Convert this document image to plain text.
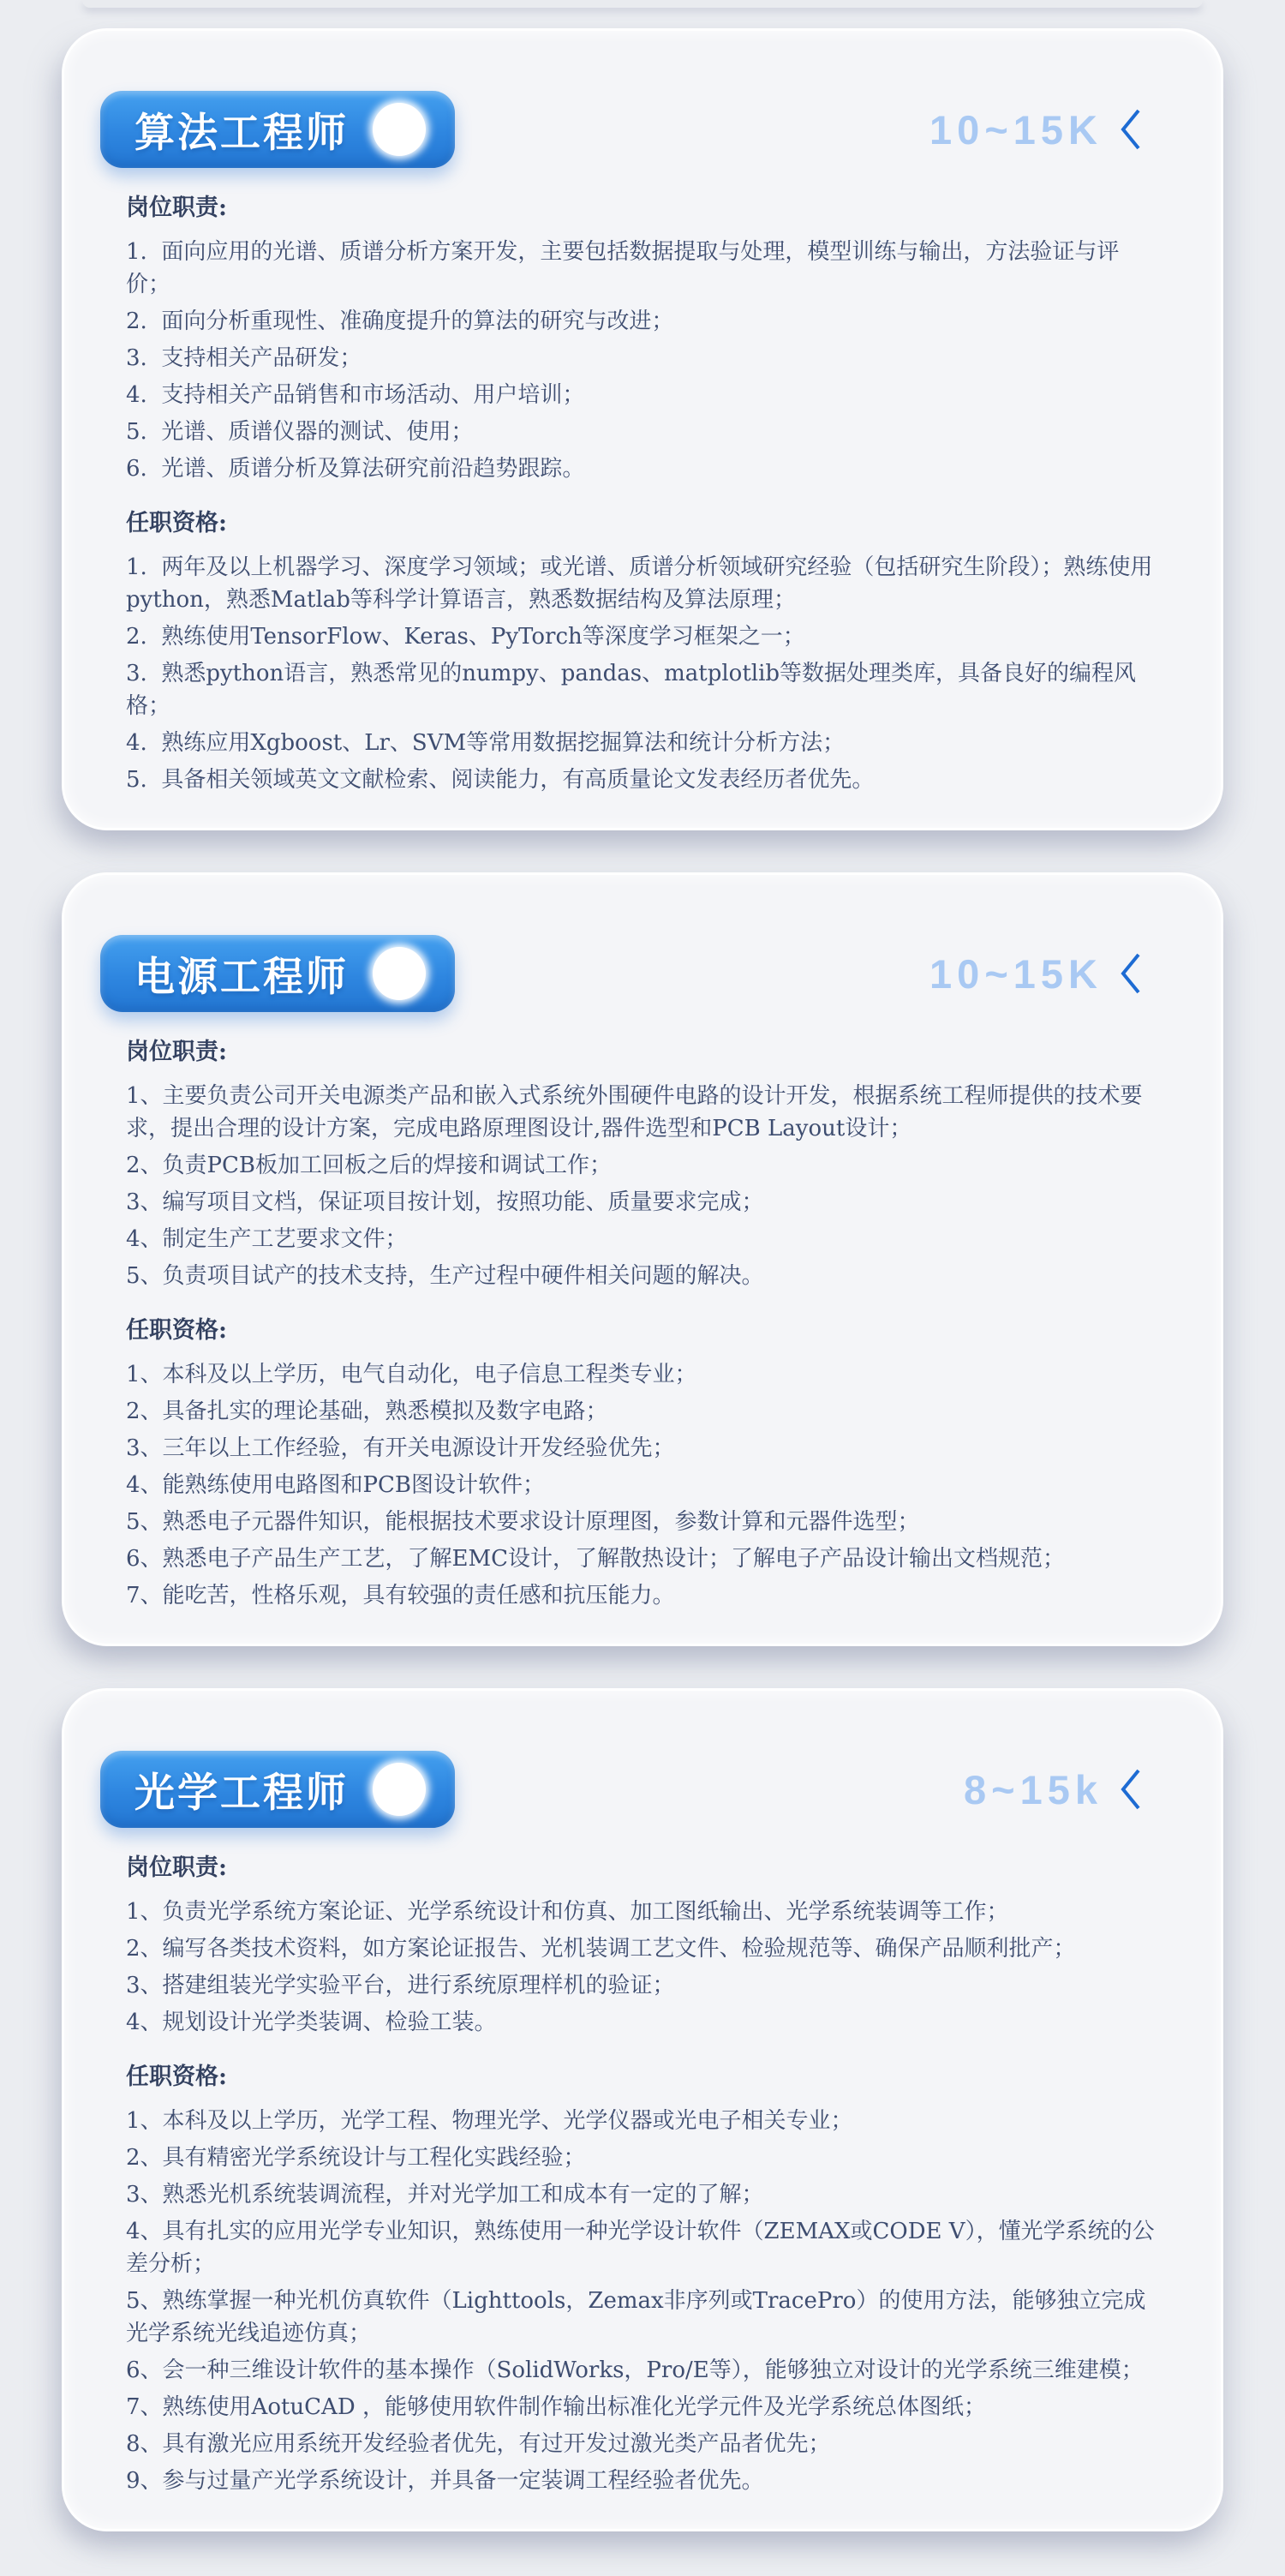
算法工程师	10~15K

岗位职责:

1.  面向应用的光谱、质谱分析方案开发，主要包括数据提取与处理，模型训练与输出，方法验证与评价；

2.  面向分析重现性、准确度提升的算法的研究与改进；

3.  支持相关产品研发；

4.  支持相关产品销售和市场活动、用户培训；

5.  光谱、质谱仪器的测试、使用；

6.  光谱、质谱分析及算法研究前沿趋势跟踪。

任职资格:

1.  两年及以上机器学习、深度学习领域；或光谱、质谱分析领域研究经验（包括研究生阶段）；熟练使用python，熟悉Matlab等科学计算语言，熟悉数据结构及算法原理；

2.  熟练使用TensorFlow、Keras、PyTorch等深度学习框架之一；

3.  熟悉python语言，熟悉常见的numpy、pandas、matplotlib等数据处理类库，具备良好的编程风格；

4.  熟练应用Xgboost、Lr、SVM等常用数据挖掘算法和统计分析方法；

5.  具备相关领域英文文献检索、阅读能力，有高质量论文发表经历者优先。

电源工程师	10~15K

岗位职责:

1、主要负责公司开关电源类产品和嵌入式系统外围硬件电路的设计开发，根据系统工程师提供的技术要求，提出合理的设计方案，完成电路原理图设计,器件选型和PCB Layout设计；

2、负责PCB板加工回板之后的焊接和调试工作；

3、编写项目文档，保证项目按计划，按照功能、质量要求完成；

4、制定生产工艺要求文件；

5、负责项目试产的技术支持，生产过程中硬件相关问题的解决。

任职资格:

1、本科及以上学历，电气自动化，电子信息工程类专业；

2、具备扎实的理论基础，熟悉模拟及数字电路；

3、三年以上工作经验，有开关电源设计开发经验优先；

4、能熟练使用电路图和PCB图设计软件；

5、熟悉电子元器件知识，能根据技术要求设计原理图，参数计算和元器件选型；

6、熟悉电子产品生产工艺，了解EMC设计，了解散热设计；了解电子产品设计输出文档规范；

7、能吃苦，性格乐观，具有较强的责任感和抗压能力。

光学工程师	8~15k

岗位职责:

1、负责光学系统方案论证、光学系统设计和仿真、加工图纸输出、光学系统装调等工作；

2、编写各类技术资料，如方案论证报告、光机装调工艺文件、检验规范等、确保产品顺利批产；

3、搭建组装光学实验平台，进行系统原理样机的验证；

4、规划设计光学类装调、检验工装。

任职资格:

1、本科及以上学历，光学工程、物理光学、光学仪器或光电子相关专业；

2、具有精密光学系统设计与工程化实践经验；

3、熟悉光机系统装调流程，并对光学加工和成本有一定的了解；

4、具有扎实的应用光学专业知识，熟练使用一种光学设计软件（ZEMAX或CODE V），懂光学系统的公差分析；

5、熟练掌握一种光机仿真软件（Lighttools，Zemax非序列或TracePro）的使用方法，能够独立完成光学系统光线追迹仿真；

6、会一种三维设计软件的基本操作（SolidWorks，Pro/E等），能够独立对设计的光学系统三维建模；

7、熟练使用AotuCAD ，能够使用软件制作输出标准化光学元件及光学系统总体图纸；

8、具有激光应用系统开发经验者优先，有过开发过激光类产品者优先；

9、参与过量产光学系统设计，并具备一定装调工程经验者优先。
